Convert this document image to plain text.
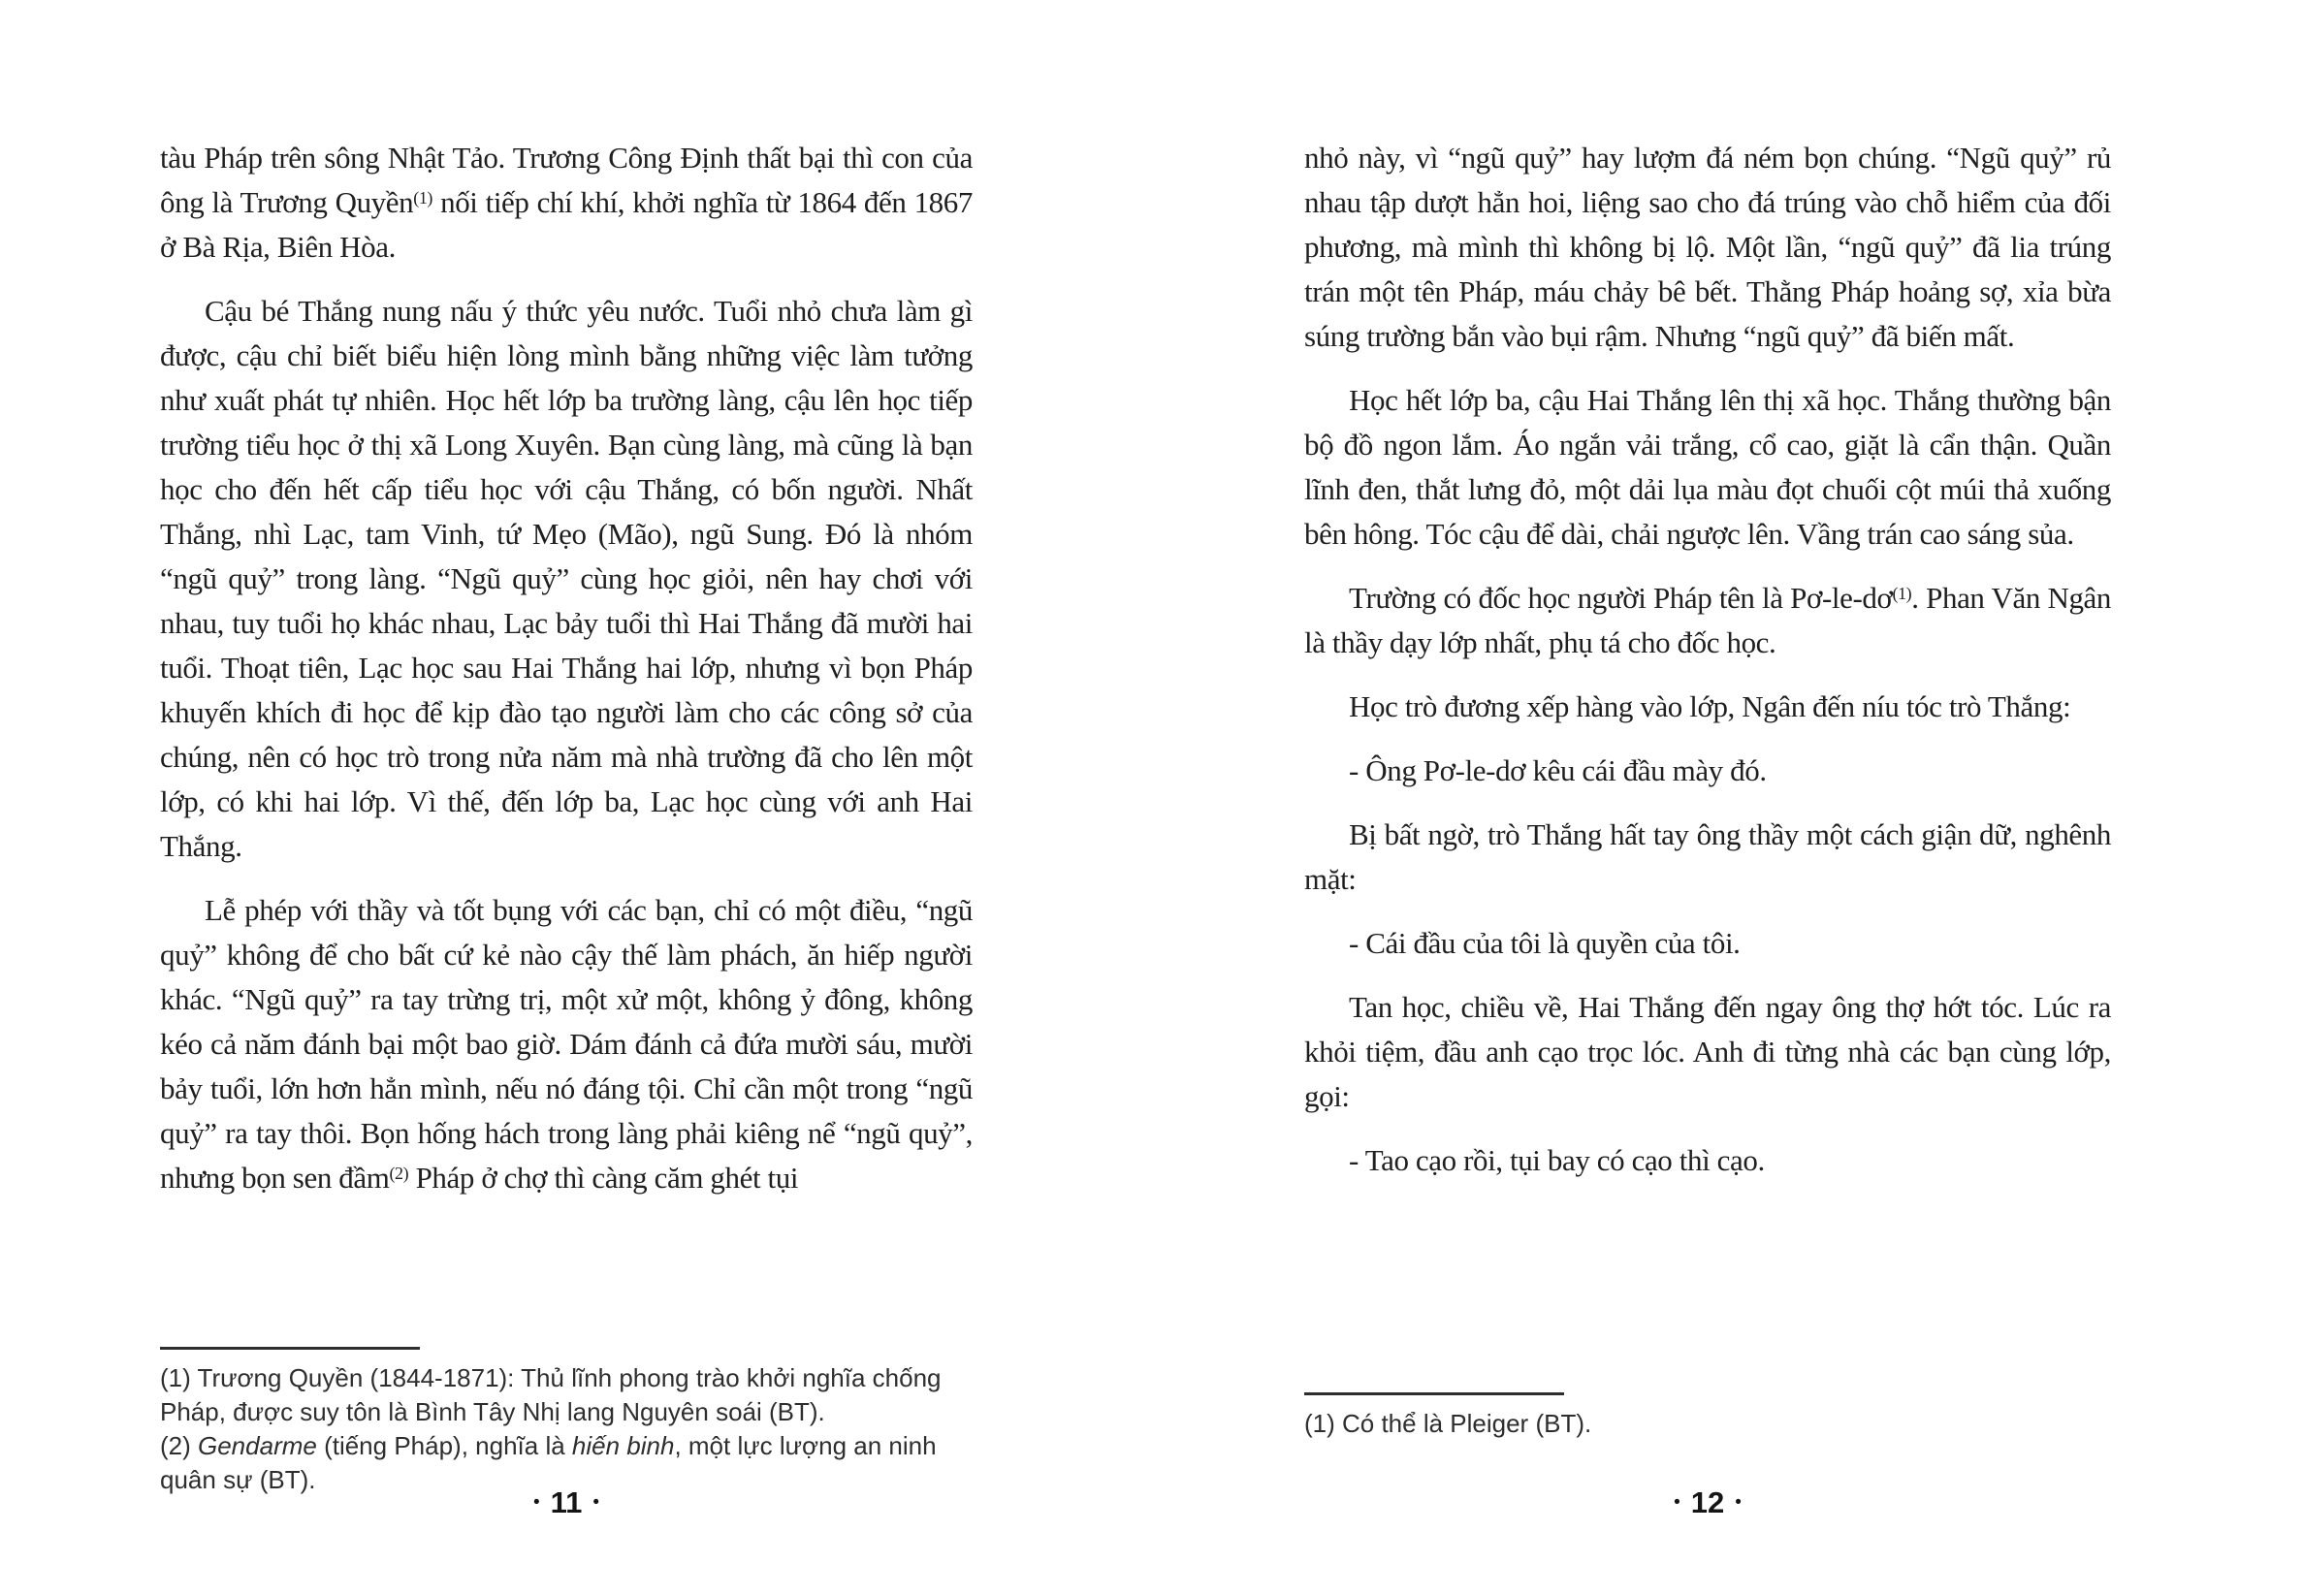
tàu Pháp trên sông Nhật Tảo. Trương Công Định thất bại thì con của ông là Trương Quyền$^{(1)}$ nối tiếp chí khí, khởi nghĩa từ 1864 đến 1867 ở Bà Rịa, Biên Hòa.

Cậu bé Thắng nung nấu ý thức yêu nước. Tuổi nhỏ chưa làm gì được, cậu chỉ biết biểu hiện lòng mình bằng những việc làm tưởng như xuất phát tự nhiên. Học hết lớp ba trường làng, cậu lên học tiếp trường tiểu học ở thị xã Long Xuyên. Bạn cùng làng, mà cũng là bạn học cho đến hết cấp tiểu học với cậu Thắng, có bốn người. Nhất Thắng, nhì Lạc, tam Vinh, tứ Mẹo (Mão), ngũ Sung. Đó là nhóm “ngũ quỷ” trong làng. “Ngũ quỷ” cùng học giỏi, nên hay chơi với nhau, tuy tuổi họ khác nhau, Lạc bảy tuổi thì Hai Thắng đã mười hai tuổi. Thoạt tiên, Lạc học sau Hai Thắng hai lớp, nhưng vì bọn Pháp khuyến khích đi học để kịp đào tạo người làm cho các công sở của chúng, nên có học trò trong nửa năm mà nhà trường đã cho lên một lớp, có khi hai lớp. Vì thế, đến lớp ba, Lạc học cùng với anh Hai Thắng.

Lễ phép với thầy và tốt bụng với các bạn, chỉ có một điều, “ngũ quỷ” không để cho bất cứ kẻ nào cậy thế làm phách, ăn hiếp người khác. “Ngũ quỷ” ra tay trừng trị, một xử một, không ỷ đông, không kéo cả năm đánh bại một bao giờ. Dám đánh cả đứa mười sáu, mười bảy tuổi, lớn hơn hẳn mình, nếu nó đáng tội. Chỉ cần một trong “ngũ quỷ” ra tay thôi. Bọn hống hách trong làng phải kiêng nể “ngũ quỷ”, nhưng bọn sen đầm$^{(2)}$ Pháp ở chợ thì càng căm ghét tụi

(1) Trương Quyền (1844-1871): Thủ lĩnh phong trào khởi nghĩa chống Pháp, được suy tôn là Bình Tây Nhị lang Nguyên soái (BT).

(2) Gendarme (tiếng Pháp), nghĩa là hiến binh, một lực lượng an ninh quân sự (BT).

• 11 •

nhỏ này, vì “ngũ quỷ” hay lượm đá ném bọn chúng. “Ngũ quỷ” rủ nhau tập dượt hẳn hoi, liệng sao cho đá trúng vào chỗ hiểm của đối phương, mà mình thì không bị lộ. Một lần, “ngũ quỷ” đã lia trúng trán một tên Pháp, máu chảy bê bết. Thằng Pháp hoảng sợ, xỉa bừa súng trường bắn vào bụi rậm. Nhưng “ngũ quỷ” đã biến mất.

Học hết lớp ba, cậu Hai Thắng lên thị xã học. Thắng thường bận bộ đồ ngon lắm. Áo ngắn vải trắng, cổ cao, giặt là cẩn thận. Quần lĩnh đen, thắt lưng đỏ, một dải lụa màu đọt chuối cột múi thả xuống bên hông. Tóc cậu để dài, chải ngược lên. Vầng trán cao sáng sủa.

Trường có đốc học người Pháp tên là $Pơ-le-dơ^{(1)}$. Phan Văn Ngân là thầy dạy lớp nhất, phụ tá cho đốc học.

Học trò đương xếp hàng vào lớp, Ngân đến níu tóc trò Thắng:

- Ông Pơ-le-dơ kêu cái đầu mày đó.

Bị bất ngờ, trò Thắng hất tay ông thầy một cách giận dữ, nghênh mặt:

- Cái đầu của tôi là quyền của tôi.

Tan học, chiều về, Hai Thắng đến ngay ông thợ hớt tóc. Lúc ra khỏi tiệm, đầu anh cạo trọc lóc. Anh đi từng nhà các bạn cùng lớp, gọi:

- Tao cạo rồi, tụi bay có cạo thì cạo.

(1) Có thể là Pleiger (BT).

• 12 •
